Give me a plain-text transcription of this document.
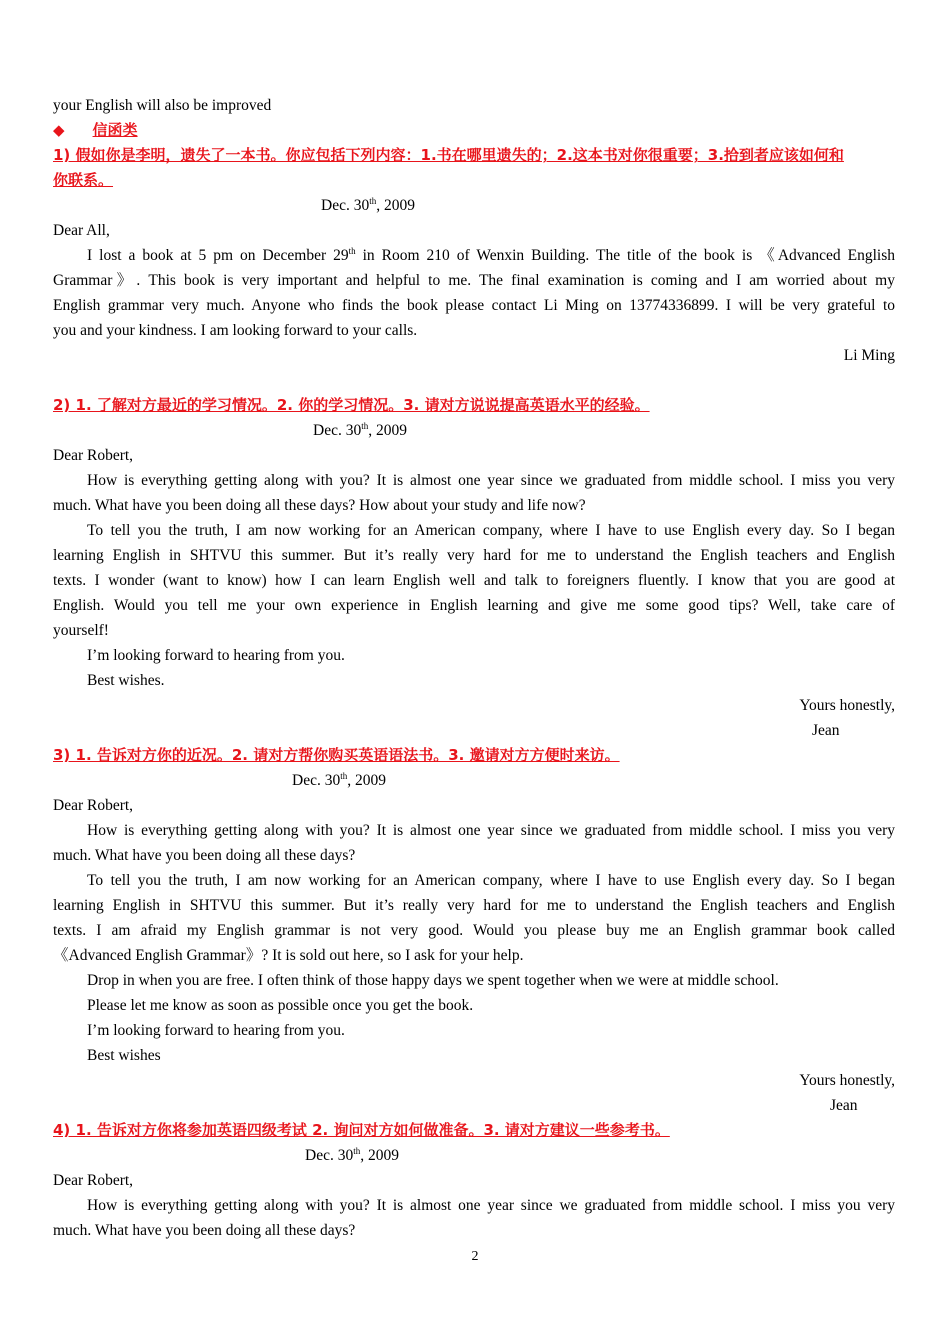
your English will also be improved
◆ 信函类
1) 假如你是李明，遗失了一本书。你应包括下列内容：1.书在哪里遗失的；2.这本书对你很重要；3.拾到者应该如何和
你联系。
Dec. 30th, 2009
Dear All,
I lost a book at 5 pm on December 29th in Room 210 of Wenxin Building. The title of the book is 《Advanced English
Grammar》. This book is very important and helpful to me. The final examination is coming and I am worried about my
English grammar very much. Anyone who finds the book please contact Li Ming on 13774336899. I will be very grateful to
you and your kindness. I am looking forward to your calls.
Li Ming
2) 1. 了解对方最近的学习情况。2. 你的学习情况。3. 请对方说说提高英语水平的经验。
Dec. 30th, 2009
Dear Robert,
How is everything getting along with you? It is almost one year since we graduated from middle school. I miss you very
much. What have you been doing all these days? How about your study and life now?
To tell you the truth, I am now working for an American company, where I have to use English every day. So I began
learning English in SHTVU this summer. But it’s really very hard for me to understand the English teachers and English
texts. I wonder (want to know) how I can learn English well and talk to foreigners fluently. I know that you are good at
English. Would you tell me your own experience in English learning and give me some good tips? Well, take care of
yourself!
I’m looking forward to hearing from you.
Best wishes.
Yours honestly,
Jean
3) 1. 告诉对方你的近况。2. 请对方帮你购买英语语法书。3. 邀请对方方便时来访。
Dec. 30th, 2009
Dear Robert,
How is everything getting along with you? It is almost one year since we graduated from middle school. I miss you very
much. What have you been doing all these days?
To tell you the truth, I am now working for an American company, where I have to use English every day. So I began
learning English in SHTVU this summer. But it’s really very hard for me to understand the English teachers and English
texts. I am afraid my English grammar is not very good. Would you please buy me an English grammar book called
《Advanced English Grammar》? It is sold out here, so I ask for your help.
Drop in when you are free. I often think of those happy days we spent together when we were at middle school.
Please let me know as soon as possible once you get the book.
I’m looking forward to hearing from you.
Best wishes
Yours honestly,
Jean
4) 1. 告诉对方你将参加英语四级考试 2. 询问对方如何做准备。3. 请对方建议一些参考书。
Dec. 30th, 2009
Dear Robert,
How is everything getting along with you? It is almost one year since we graduated from middle school. I miss you very
much. What have you been doing all these days?
2
